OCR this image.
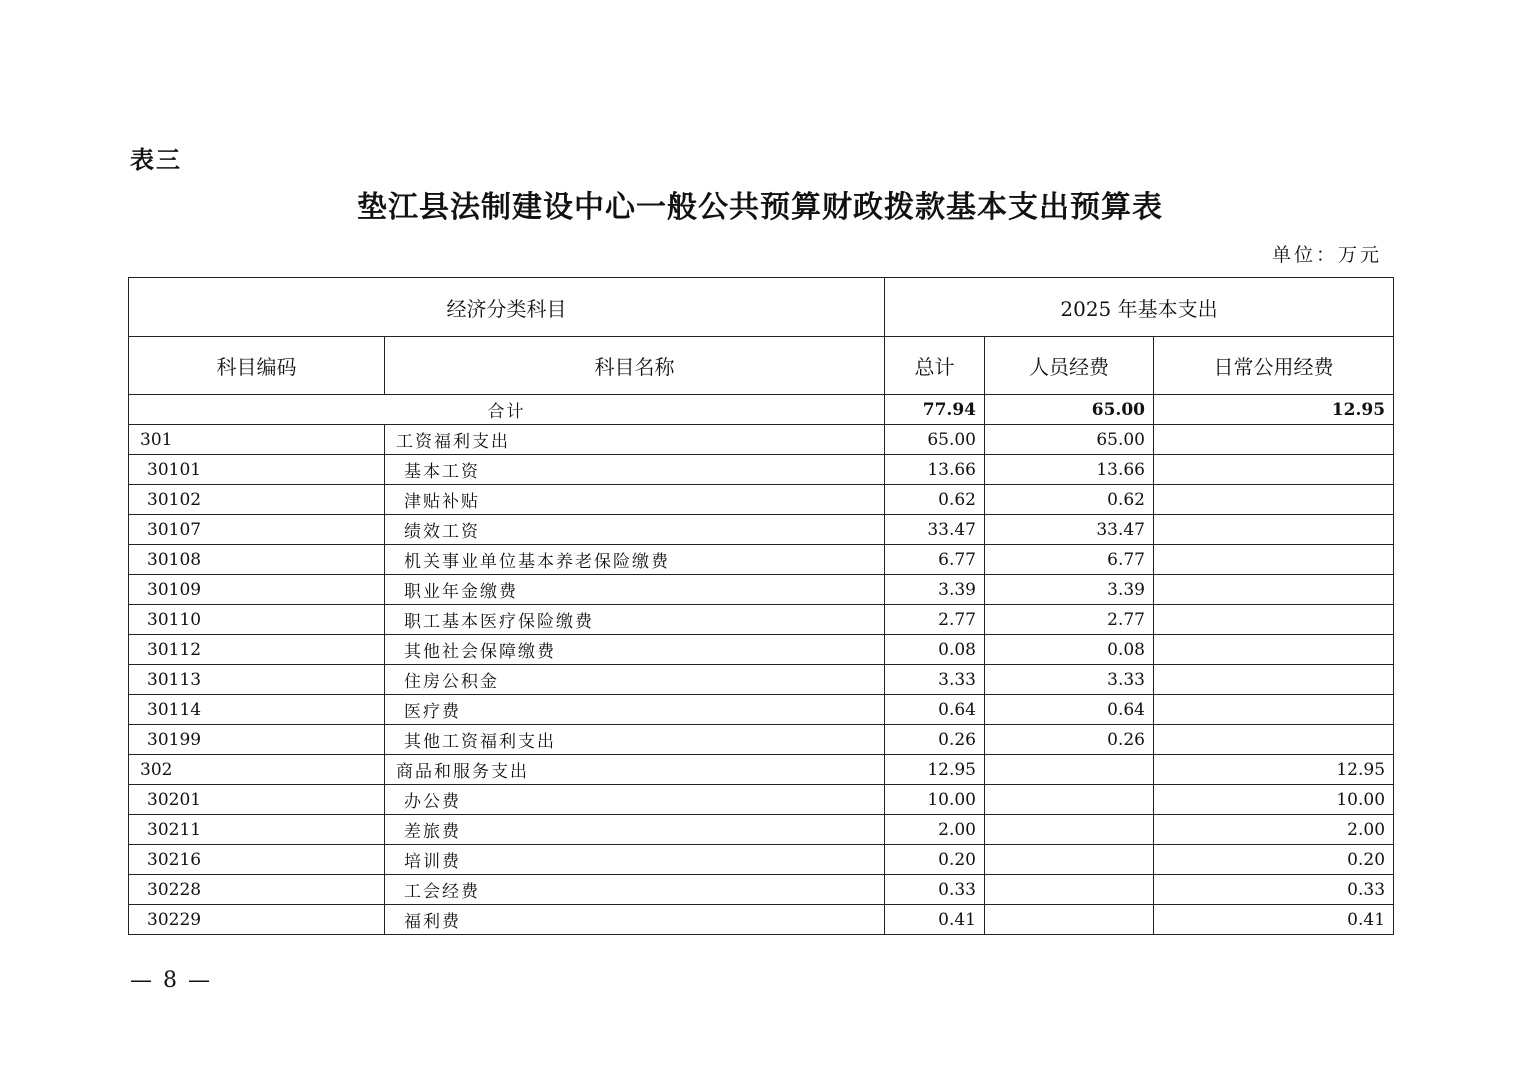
表三
垫江县法制建设中心一般公共预算财政拨款基本支出预算表
单位：万元
经济分类科目		2025 年基本支出		
科目编码	科目名称	总计	人员经费	日常公用经费
合计		77.94	65.00	12.95
301	工资福利支出	65.00	65.00	
30101	基本工资	13.66	13.66	
30102	津贴补贴	0.62	0.62	
30107	绩效工资	33.47	33.47	
30108	机关事业单位基本养老保险缴费	6.77	6.77	
30109	职业年金缴费	3.39	3.39	
30110	职工基本医疗保险缴费	2.77	2.77	
30112	其他社会保障缴费	0.08	0.08	
30113	住房公积金	3.33	3.33	
30114	医疗费	0.64	0.64	
30199	其他工资福利支出	0.26	0.26	
302	商品和服务支出	12.95		12.95
30201	办公费	10.00		10.00
30211	差旅费	2.00		2.00
30216	培训费	0.20		0.20
30228	工会经费	0.33		0.33
30229	福利费	0.41		0.41
— 8 —
